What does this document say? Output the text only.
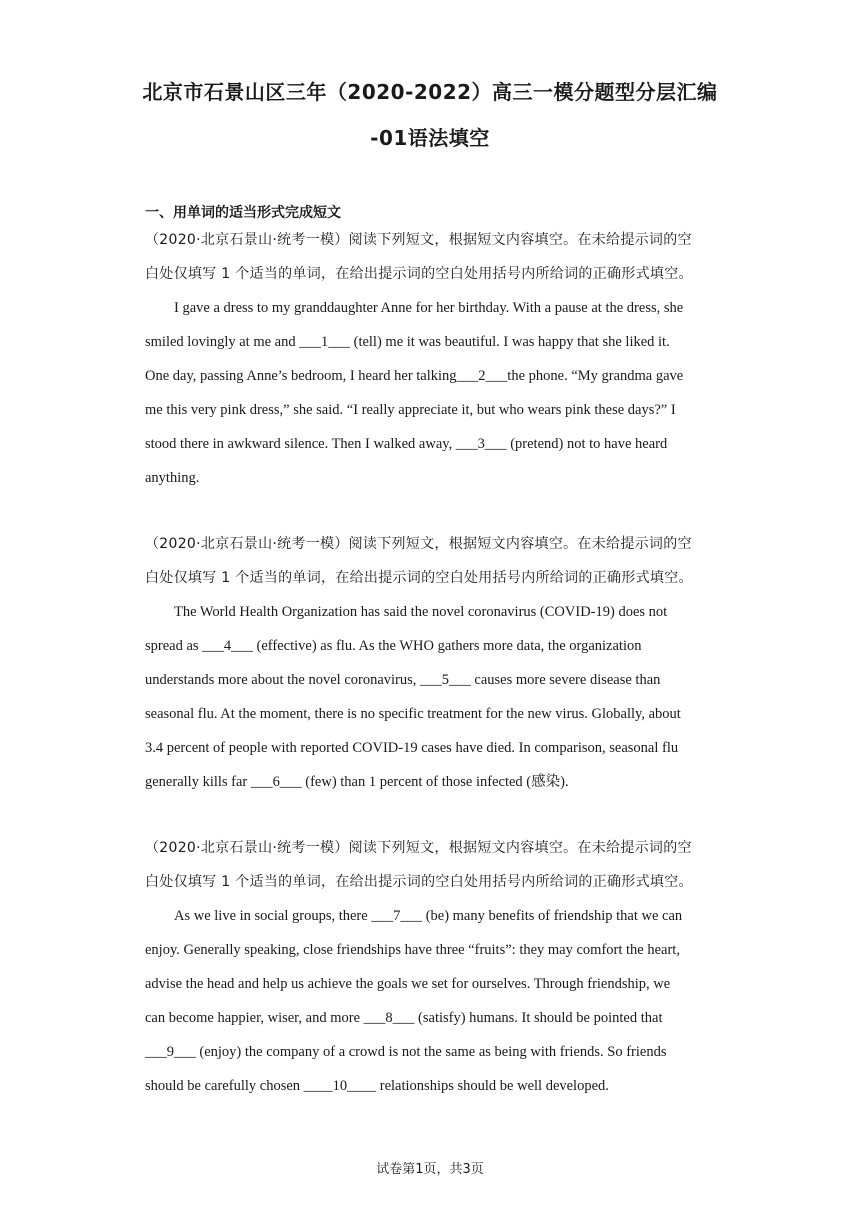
北京市石景山区三年（2020-2022）高三一模分题型分层汇编
-01语法填空
一、用单词的适当形式完成短文
（2020·北京石景山·统考一模）阅读下列短文，根据短文内容填空。在未给提示词的空
白处仅填写 1 个适当的单词，在给出提示词的空白处用括号内所给词的正确形式填空。
I gave a dress to my granddaughter Anne for her birthday. With a pause at the dress, she
smiled lovingly at me and ___1___ (tell) me it was beautiful. I was happy that she liked it.
One day, passing Anne’s bedroom, I heard her talking___2___the phone. “My grandma gave
me this very pink dress,” she said. “I really appreciate it, but who wears pink these days?” I
stood there in awkward silence. Then I walked away, ___3___ (pretend) not to have heard
anything.
（2020·北京石景山·统考一模）阅读下列短文，根据短文内容填空。在未给提示词的空
白处仅填写 1 个适当的单词，在给出提示词的空白处用括号内所给词的正确形式填空。
The World Health Organization has said the novel coronavirus (COVID-19) does not
spread as ___4___ (effective) as flu. As the WHO gathers more data, the organization
understands more about the novel coronavirus, ___5___ causes more severe disease than
seasonal flu. At the moment, there is no specific treatment for the new virus. Globally, about
3.4 percent of people with reported COVID-19 cases have died. In comparison, seasonal flu
generally kills far ___6___ (few) than 1 percent of those infected (感染).
（2020·北京石景山·统考一模）阅读下列短文，根据短文内容填空。在未给提示词的空
白处仅填写 1 个适当的单词，在给出提示词的空白处用括号内所给词的正确形式填空。
As we live in social groups, there ___7___ (be) many benefits of friendship that we can
enjoy. Generally speaking, close friendships have three “fruits”: they may comfort the heart,
advise the head and help us achieve the goals we set for ourselves. Through friendship, we
can become happier, wiser, and more ___8___ (satisfy) humans. It should be pointed that
___9___ (enjoy) the company of a crowd is not the same as being with friends. So friends
should be carefully chosen ____10____ relationships should be well developed.
试卷第1页，共3页
